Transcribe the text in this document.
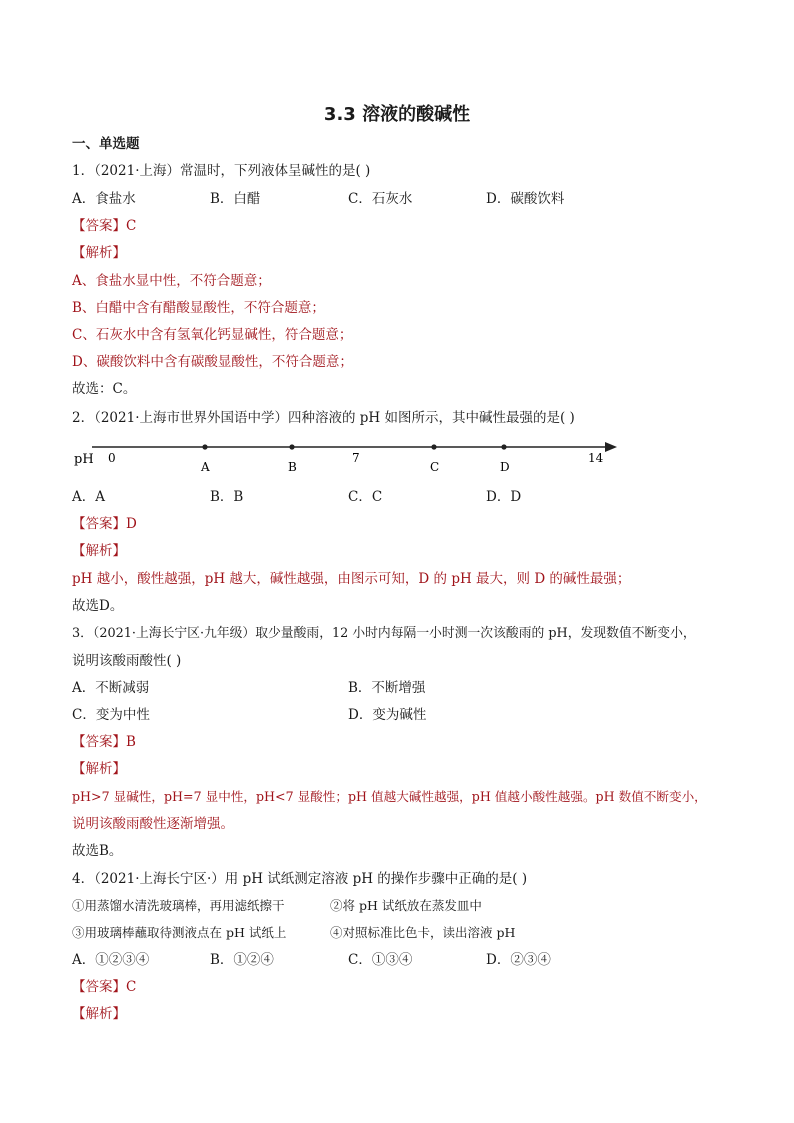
3.3 溶液的酸碱性
一、单选题
1．（2021·上海）常温时，下列液体呈碱性的是( )
A．食盐水	B．白醋	C．石灰水	D．碳酸饮料
【答案】C
【解析】
A、食盐水显中性，不符合题意；
B、白醋中含有醋酸显酸性，不符合题意；
C、石灰水中含有氢氧化钙显碱性，符合题意；
D、碳酸饮料中含有碳酸显酸性，不符合题意；
故选：C。
2．（2021·上海市世界外国语中学）四种溶液的 pH 如图所示，其中碱性最强的是( )
pH 0
A	B
7
C	D
14
A．A	B．B	C．C	D．D
【答案】D
【解析】
pH 越小，酸性越强，pH 越大，碱性越强，由图示可知，D 的 pH 最大，则 D 的碱性最强；
故选D。
3．（2021·上海长宁区·九年级）取少量酸雨，12 小时内每隔一小时测一次该酸雨的 pH，发现数值不断变小，
说明该酸雨酸性( )
A．不断减弱	B．不断增强
C．变为中性	D．变为碱性
【答案】B
【解析】
pH>7 显碱性，pH=7 显中性，pH<7 显酸性；pH 值越大碱性越强，pH 值越小酸性越强。pH 数值不断变小，
说明该酸雨酸性逐渐增强。
故选B。
4．（2021·上海长宁区·）用 pH 试纸测定溶液 pH 的操作步骤中正确的是( )
①用蒸馏水清洗玻璃棒，再用滤纸擦干	②将 pH 试纸放在蒸发皿中
③用玻璃棒蘸取待测液点在 pH 试纸上	④对照标准比色卡，读出溶液 pH
A．①②③④	B．①②④	C．①③④	D．②③④
【答案】C
【解析】
